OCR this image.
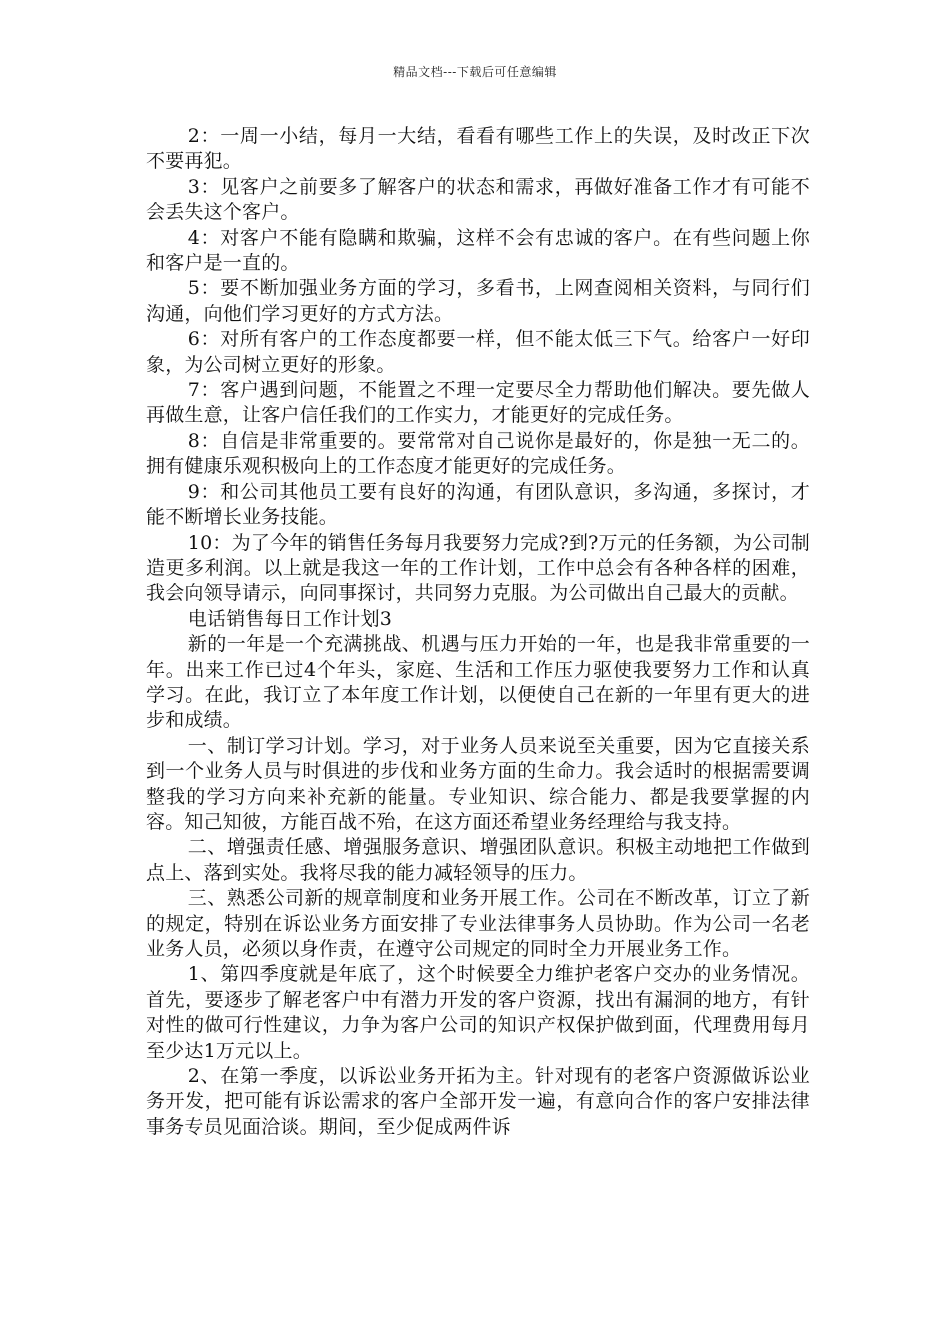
精品文档---下载后可任意编辑

2：一周一小结，每月一大结，看看有哪些工作上的失误，及时改正下次不要再犯。

3：见客户之前要多了解客户的状态和需求，再做好准备工作才有可能不会丢失这个客户。

4：对客户不能有隐瞒和欺骗，这样不会有忠诚的客户。在有些问题上你和客户是一直的。

5：要不断加强业务方面的学习，多看书，上网查阅相关资料，与同行们沟通，向他们学习更好的方式方法。

6：对所有客户的工作态度都要一样，但不能太低三下气。给客户一好印象，为公司树立更好的形象。

7：客户遇到问题，不能置之不理一定要尽全力帮助他们解决。要先做人再做生意，让客户信任我们的工作实力，才能更好的完成任务。

8：自信是非常重要的。要常常对自己说你是最好的，你是独一无二的。拥有健康乐观积极向上的工作态度才能更好的完成任务。

9：和公司其他员工要有良好的沟通，有团队意识，多沟通，多探讨，才能不断增长业务技能。

10：为了今年的销售任务每月我要努力完成?到?万元的任务额，为公司制造更多利润。以上就是我这一年的工作计划，工作中总会有各种各样的困难，我会向领导请示，向同事探讨，共同努力克服。为公司做出自己最大的贡献。

电话销售每日工作计划3

新的一年是一个充满挑战、机遇与压力开始的一年，也是我非常重要的一年。出来工作已过4个年头，家庭、生活和工作压力驱使我要努力工作和认真学习。在此，我订立了本年度工作计划，以便使自己在新的一年里有更大的进步和成绩。

一、制订学习计划。学习，对于业务人员来说至关重要，因为它直接关系到一个业务人员与时俱进的步伐和业务方面的生命力。我会适时的根据需要调整我的学习方向来补充新的能量。专业知识、综合能力、都是我要掌握的内容。知己知彼，方能百战不殆，在这方面还希望业务经理给与我支持。

二、增强责任感、增强服务意识、增强团队意识。积极主动地把工作做到点上、落到实处。我将尽我的能力减轻领导的压力。

三、熟悉公司新的规章制度和业务开展工作。公司在不断改革，订立了新的规定，特别在诉讼业务方面安排了专业法律事务人员协助。作为公司一名老业务人员，必须以身作责，在遵守公司规定的同时全力开展业务工作。

1、第四季度就是年底了，这个时候要全力维护老客户交办的业务情况。首先，要逐步了解老客户中有潜力开发的客户资源，找出有漏洞的地方，有针对性的做可行性建议，力争为客户公司的知识产权保护做到面，代理费用每月至少达1万元以上。

2、在第一季度，以诉讼业务开拓为主。针对现有的老客户资源做诉讼业务开发，把可能有诉讼需求的客户全部开发一遍，有意向合作的客户安排法律事务专员见面洽谈。期间，至少促成两件诉
